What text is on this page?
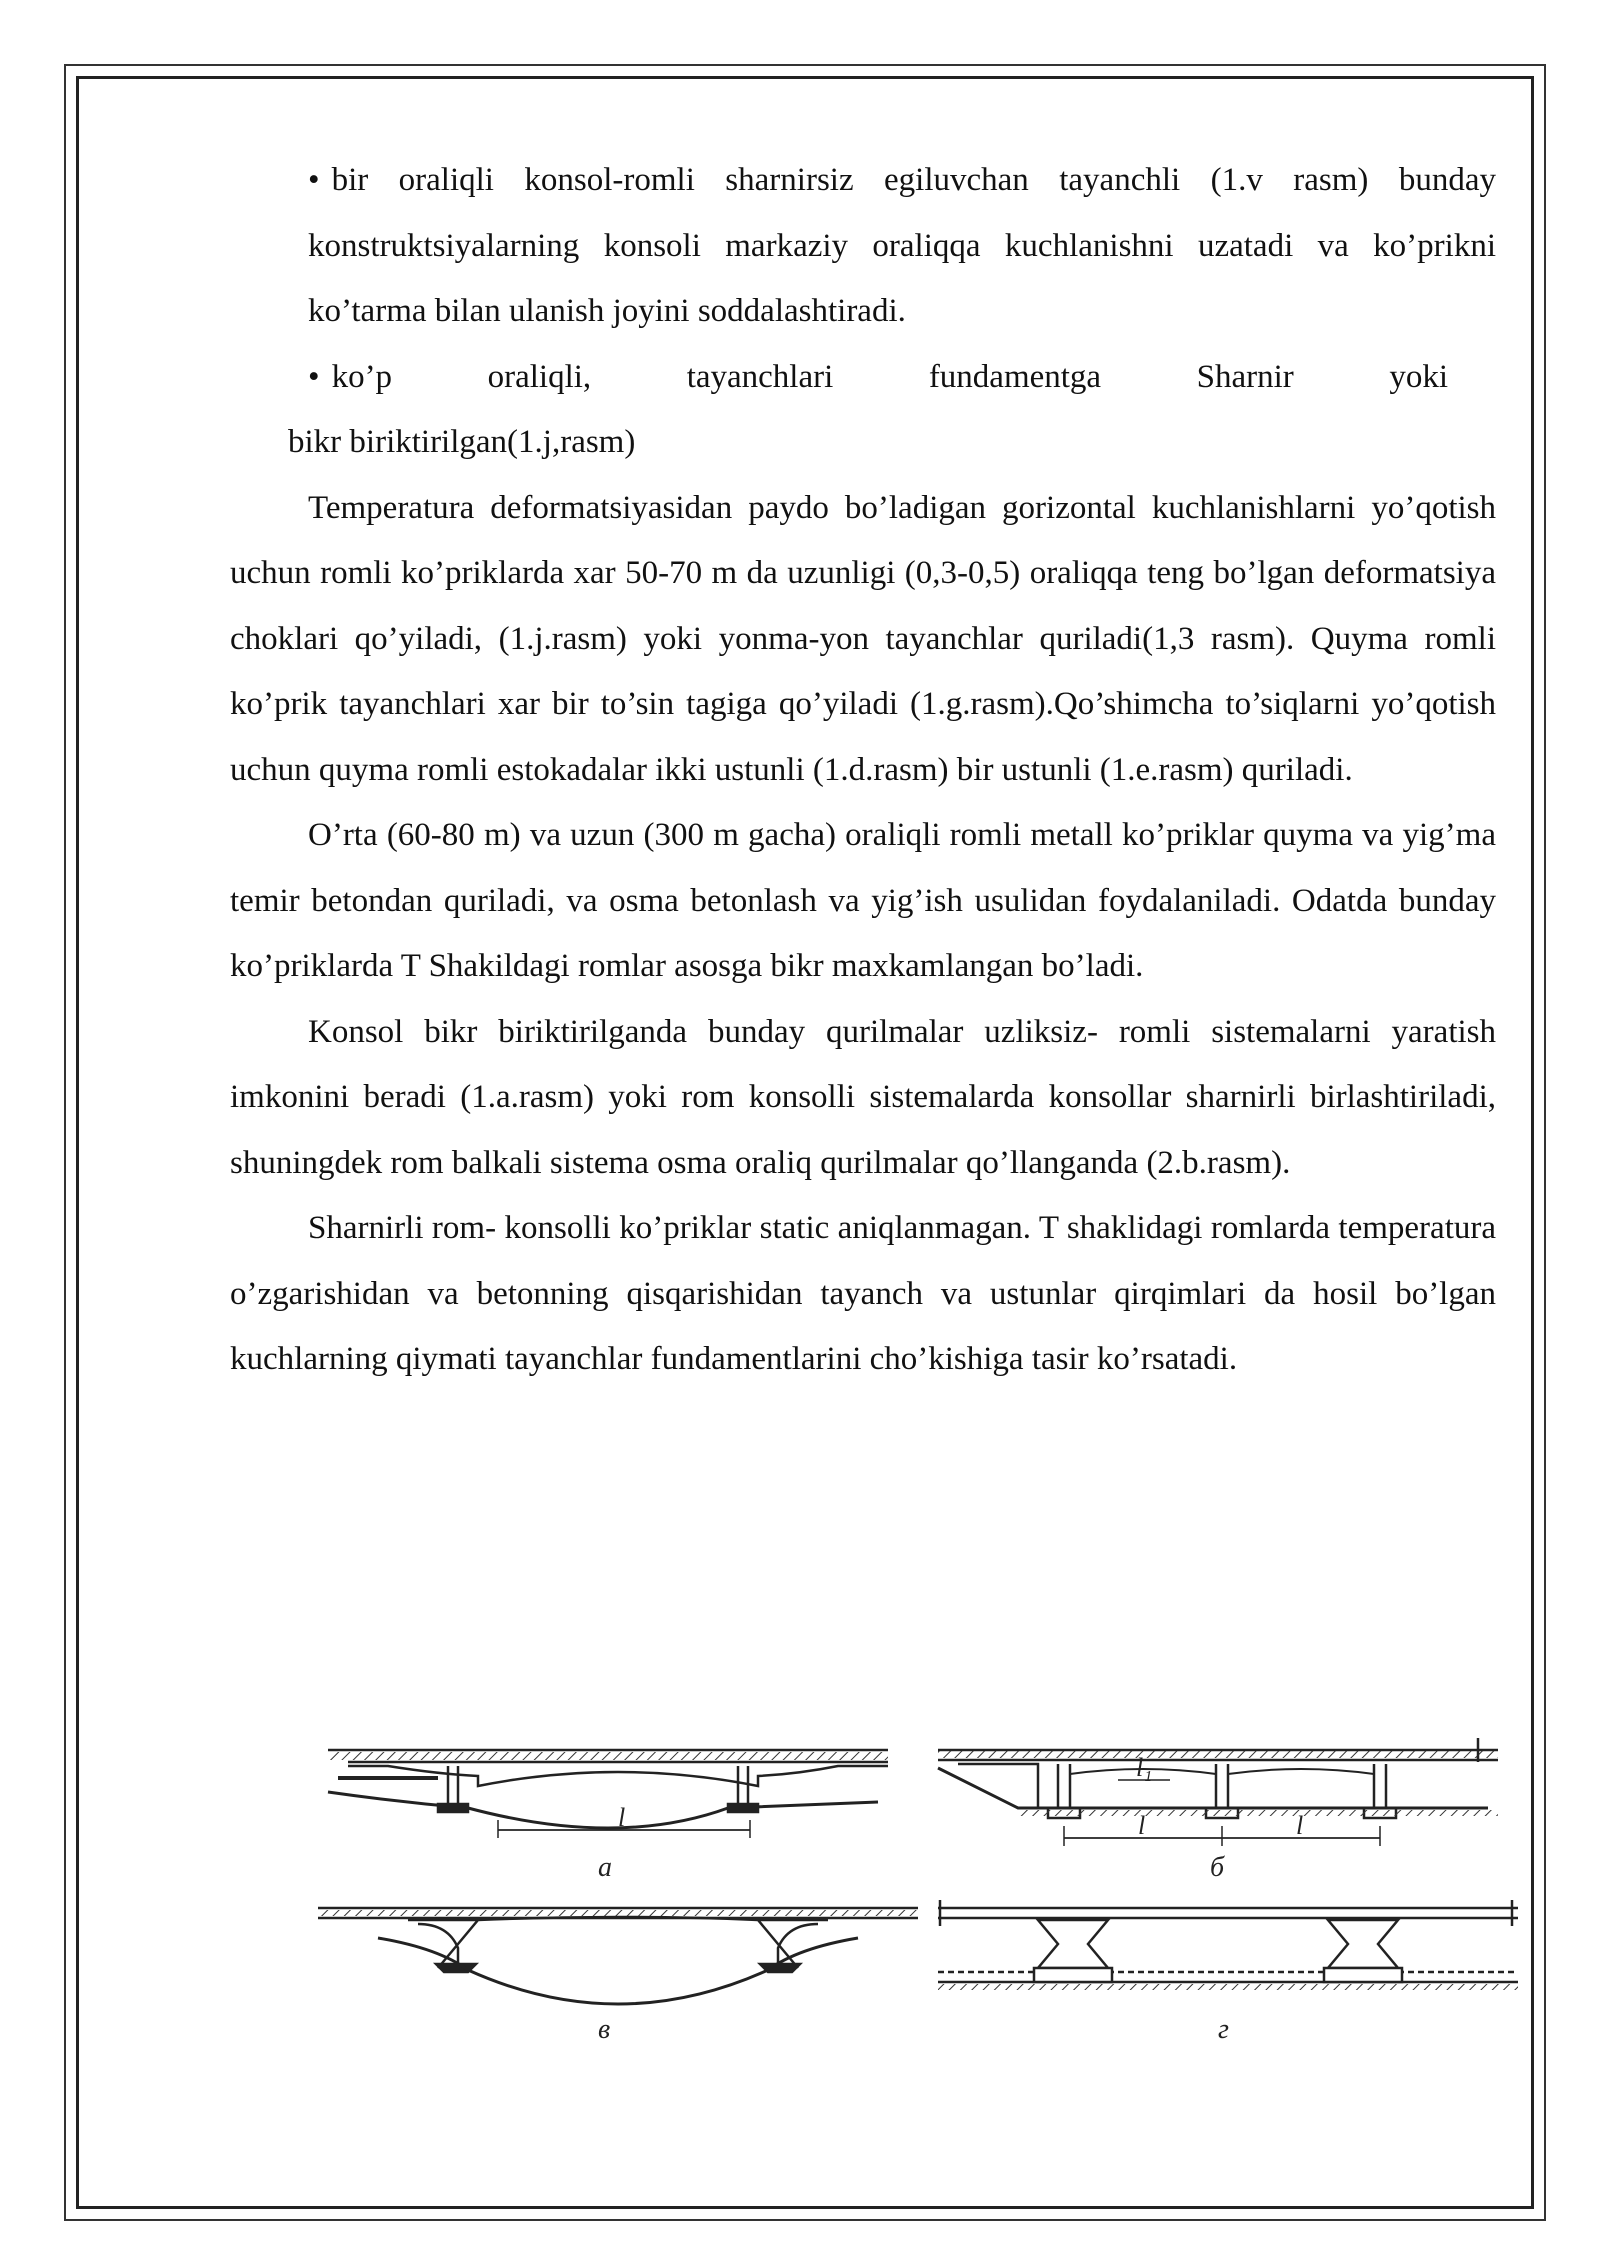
• bir oraliqli konsol-romli sharnirsiz egiluvchan tayanchli (1.v rasm) bunday konstruktsiyalarning konsoli markaziy oraliqqa kuchlanishni uzatadi va ko’prikni ko’tarma bilan ulanish joyini soddalashtiradi.

• ko’p	oraliqli,	tayanchlari	fundamentga	Sharnir	yoki
bikr biriktirilgan(1.j,rasm)

Temperatura deformatsiyasidan paydo bo’ladigan gorizontal kuchlanishlarni yo’qotish uchun romli ko’priklarda xar 50-70 m da uzunligi (0,3-0,5) oraliqqa teng bo’lgan deformatsiya choklari qo’yiladi, (1.j.rasm) yoki yonma-yon tayanchlar quriladi(1,3 rasm). Quyma romli ko’prik tayanchlari xar bir to’sin tagiga qo’yiladi (1.g.rasm).Qo’shimcha to’siqlarni yo’qotish uchun quyma romli estokadalar ikki ustunli (1.d.rasm) bir ustunli (1.e.rasm) quriladi.

O’rta (60-80 m) va uzun (300 m gacha) oraliqli romli metall ko’priklar quyma va yig’ma temir betondan quriladi, va osma betonlash va yig’ish usulidan foydalaniladi. Odatda bunday ko’priklarda T Shakildagi romlar asosga bikr maxkamlangan bo’ladi.

Konsol bikr biriktirilganda bunday qurilmalar uzliksiz- romli sistemalarni yaratish imkonini beradi (1.a.rasm) yoki rom konsolli sistemalarda konsollar sharnirli birlashtiriladi, shuningdek rom balkali sistema osma oraliq qurilmalar qo’llanganda (2.b.rasm).

Sharnirli rom- konsolli ko’priklar static aniqlanmagan. T shaklidagi romlarda temperatura o’zgarishidan va betonning qisqarishidan tayanch va ustunlar qirqimlari da hosil bo’lgan kuchlarning qiymati tayanchlar fundamentlarini cho’kishiga tasir ko’rsatadi.

l
a
l₁
l	l
б
в	г
